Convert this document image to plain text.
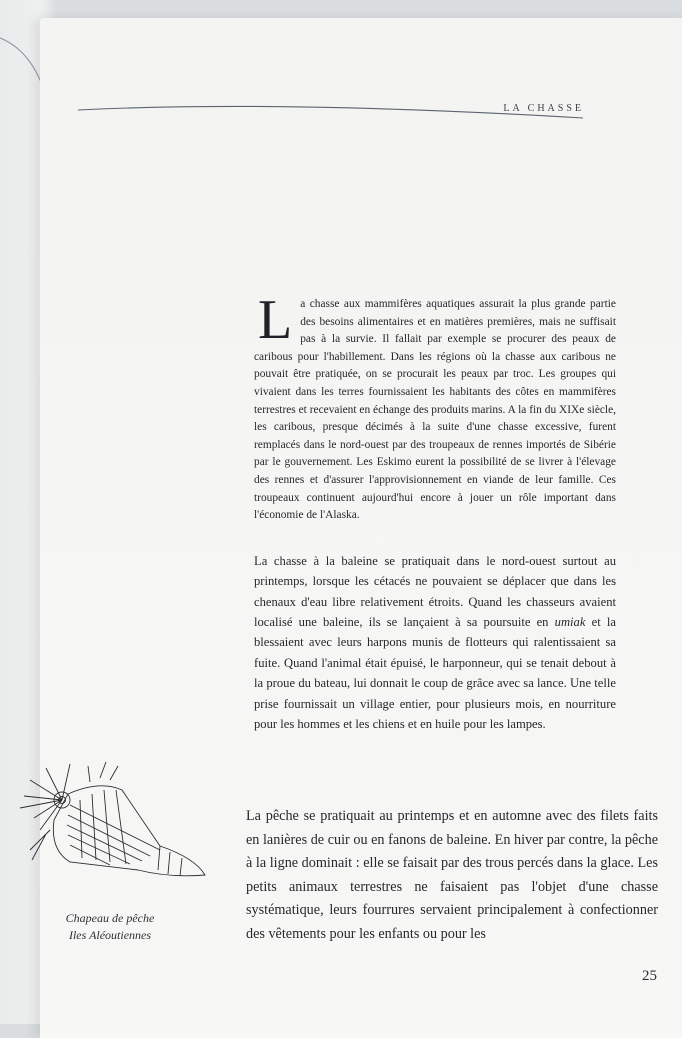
LA CHASSE

La chasse aux mammifères aquatiques assurait la plus grande partie des besoins alimentaires et en matières premières, mais ne suffisait pas à la survie. Il fallait par exemple se procurer des peaux de caribous pour l'habillement. Dans les régions où la chasse aux caribous ne pouvait être pratiquée, on se procurait les peaux par troc. Les groupes qui vivaient dans les terres fournissaient les habitants des côtes en mammifères terrestres et recevaient en échange des produits marins. A la fin du XIXe siècle, les caribous, presque décimés à la suite d'une chasse excessive, furent remplacés dans le nord-ouest par des troupeaux de rennes importés de Sibérie par le gouvernement. Les Eskimo eurent la possibilité de se livrer à l'élevage des rennes et d'assurer l'approvisionnement en viande de leur famille. Ces troupeaux continuent aujourd'hui encore à jouer un rôle important dans l'économie de l'Alaska.

La chasse à la baleine se pratiquait dans le nord-ouest surtout au printemps, lorsque les cétacés ne pouvaient se déplacer que dans les chenaux d'eau libre relativement étroits. Quand les chasseurs avaient localisé une baleine, ils se lançaient à sa poursuite en umiak et la blessaient avec leurs harpons munis de flotteurs qui ralentissaient sa fuite. Quand l'animal était épuisé, le harponneur, qui se tenait debout à la proue du bateau, lui donnait le coup de grâce avec sa lance. Une telle prise fournissait un village entier, pour plusieurs mois, en nourriture pour les hommes et les chiens et en huile pour les lampes.

La pêche se pratiquait au printemps et en automne avec des filets faits en lanières de cuir ou en fanons de baleine. En hiver par contre, la pêche à la ligne dominait : elle se faisait par des trous percés dans la glace. Les petits animaux terrestres ne faisaient pas l'objet d'une chasse systématique, leurs fourrures servaient principalement à confectionner des vêtements pour les enfants ou pour les

Chapeau de pêche
Iles Aléoutiennes
25
